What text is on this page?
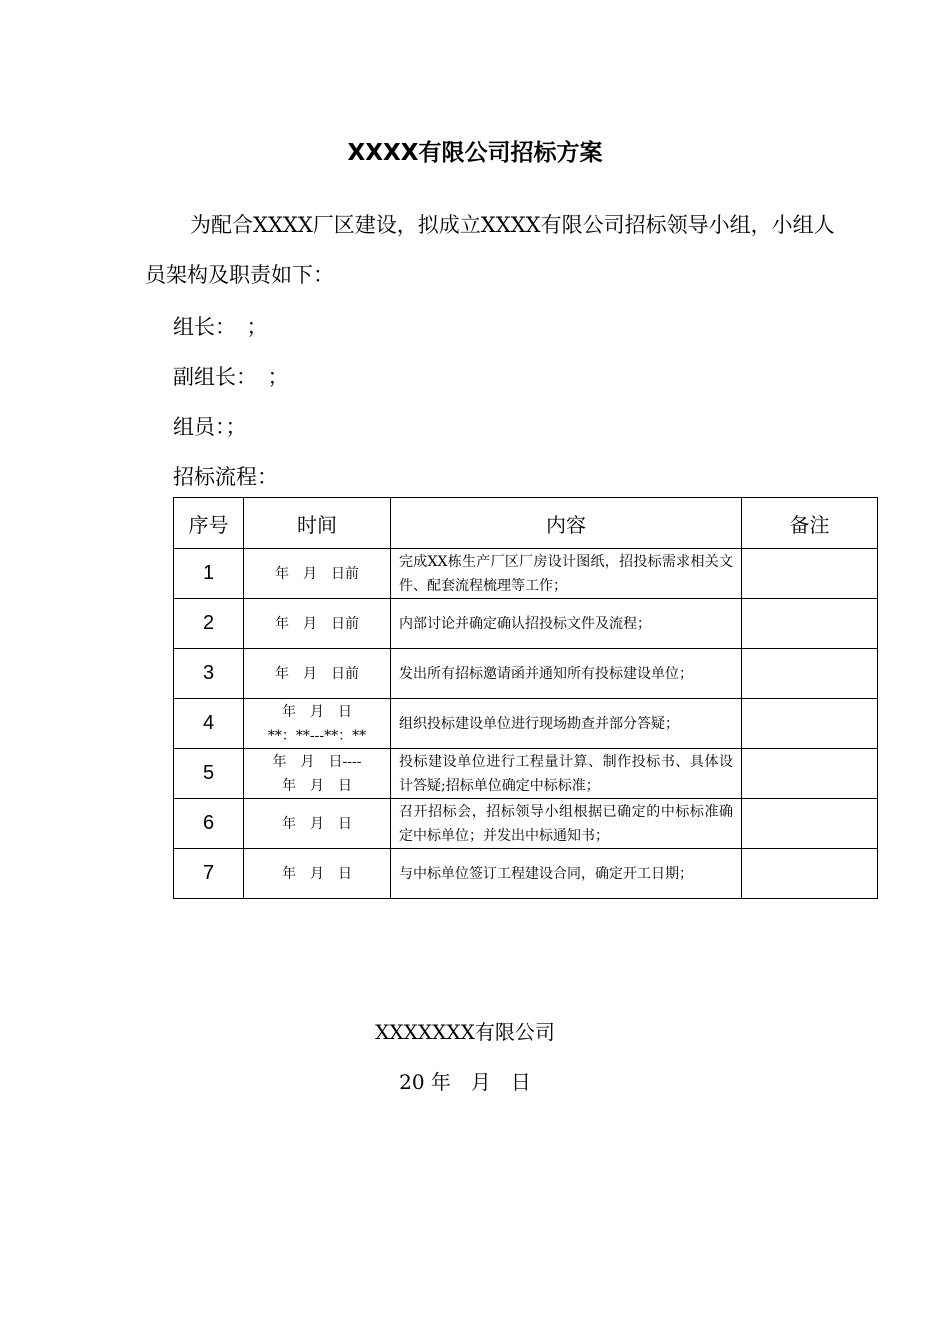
XXXX有限公司招标方案
为配合XXXX厂区建设，拟成立XXXX有限公司招标领导小组，小组人员架构及职责如下：
组长：　；
副组长：　；
组员：；
招标流程：
序号	时间	内容	备注
1	年　月　日前	完成XX栋生产厂区厂房设计图纸，招投标需求相关文件、配套流程梳理等工作；	
2	年　月　日前	内部讨论并确定确认招投标文件及流程；	
3	年　月　日前	发出所有招标邀请函并通知所有投标建设单位；	
4	年　月　日
**：**---**：**	组织投标建设单位进行现场勘查并部分答疑；	
5	年　月　日----
年　月　日	投标建设单位进行工程量计算、制作投标书、具体设计答疑;招标单位确定中标标准；	
6	年　月　日	召开招标会，招标领导小组根据已确定的中标标准确定中标单位；并发出中标通知书；	
7	年　月　日	与中标单位签订工程建设合同，确定开工日期；	
XXXXXXX有限公司
20 年　月　日
